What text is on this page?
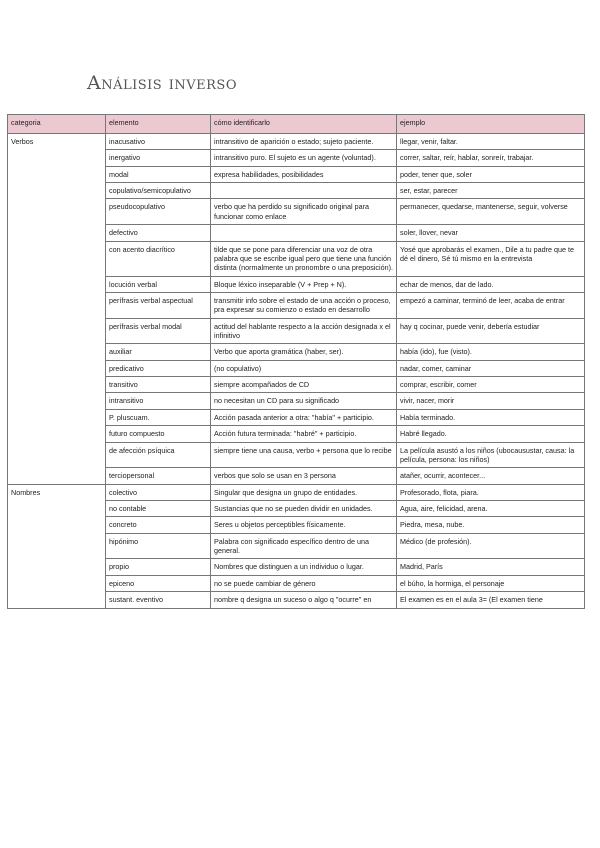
Análisis inverso
categoria	elemento	cómo identificarlo	ejemplo
Verbos	inacusativo	intransitivo de aparición o estado; sujeto paciente.	llegar, venir, faltar.
	inergativo	intransitivo puro. El sujeto es un agente (voluntad).	correr, saltar, reír, hablar, sonreír, trabajar.
	modal	expresa habilidades, posibilidades	poder, tener que, soler
	copulativo/semicopulativo		ser, estar, parecer
	pseudocopulativo	verbo que ha perdido su significado original para funcionar como enlace	permanecer, quedarse, mantenerse, seguir, volverse
	defectivo		soler, llover, nevar
	con acento diacrítico	tilde que se pone para diferenciar una voz de otra palabra que se escribe igual pero que tiene una función distinta (normalmente un pronombre o una preposición).	Yosé que aprobarás el examen., Dile a tu padre que te dé el dinero, Sé tú mismo en la entrevista
	locución verbal	Bloque léxico inseparable (V + Prep + N).	echar de menos, dar de lado.
	perífrasis verbal aspectual	transmitir info sobre el estado de una acción o proceso, pra expresar su comienzo o estado en desarrollo	empezó a caminar, terminó de leer, acaba de entrar
	perífrasis verbal modal	actitud del hablante respecto a la acción designada x el infinitivo	hay q cocinar, puede venir, debería estudiar
	auxiliar	Verbo que aporta gramática (haber, ser).	había (ido), fue (visto).
	predicativo	(no copulativo)	nadar, comer, caminar
	transitivo	siempre acompañados de CD	comprar, escribir, comer
	intransitivo	no necesitan un CD para su significado	vivir, nacer, morir
	P. pluscuam.	Acción pasada anterior a otra: "había" + participio.	Había terminado.
	futuro compuesto	Acción futura terminada: "habré" + participio.	Habré llegado.
	de afección psíquica	siempre tiene una causa, verbo + persona que lo recibe	La película asustó a los niños (ubocausustar, causa: la película, persona: los niños)
	terciopersonal	verbos que solo se usan en 3 persona	atañer, ocurrir, acontecer...
Nombres	colectivo	Singular que designa un grupo de entidades.	Profesorado, flota, piara.
	no contable	Sustancias que no se pueden dividir en unidades.	Agua, aire, felicidad, arena.
	concreto	Seres u objetos perceptibles físicamente.	Piedra, mesa, nube.
	hipónimo	Palabra con significado específico dentro de una general.	Médico (de profesión).
	propio	Nombres que distinguen a un individuo o lugar.	Madrid, París
	epiceno	no se puede cambiar de género	el búho, la hormiga, el personaje
	sustant. eventivo	nombre q designa un suceso o algo q "ocurre" en	El examen es en el aula 3= (El examen tiene
